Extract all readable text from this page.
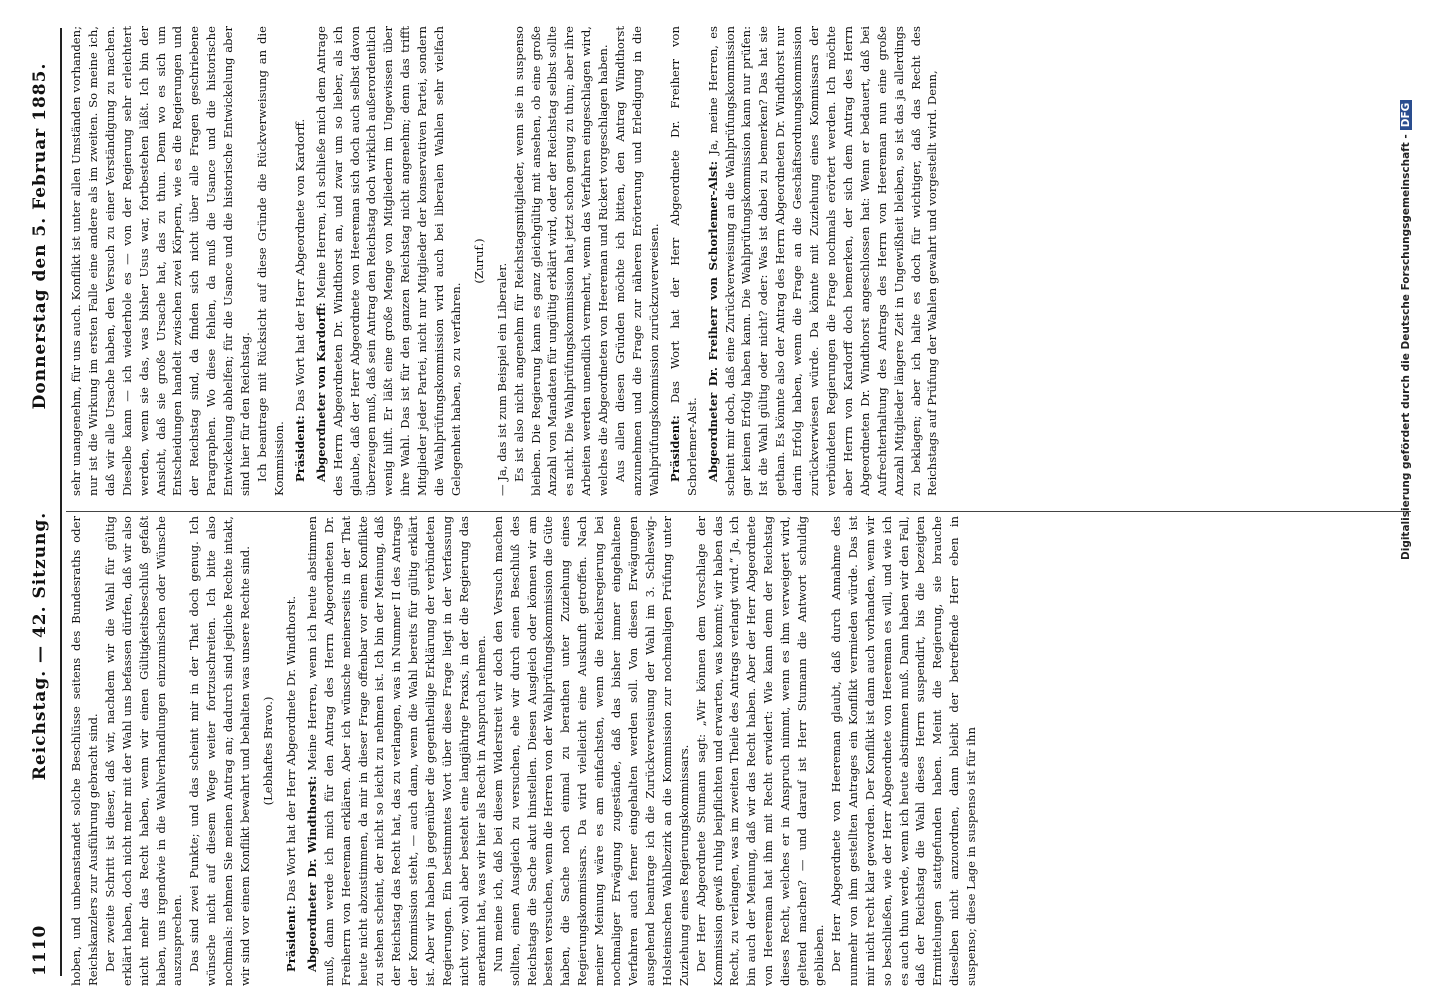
1110
Reichstag. — 42. Sitzung.
Donnerstag den 5. Februar 1885.

hoben, und unbeanstandet solche Beschlüsse seitens des Bundesraths oder Reichskanzlers zur Ausführung gebracht sind. Der zweite Schritt ist dieser, daß wir, nachdem wir die Wahl für gültig erklärt haben, doch nicht mehr mit der Wahl uns befassen dürfen, daß wir also nicht mehr das Recht haben, wenn wir einen Gültigkeitsbeschluß gefaßt haben, uns irgendwie in die Wahlverhandlungen einzumischen oder Wünsche auszusprechen. Das sind zwei Punkte; und das scheint mir in der That doch genug. Ich wünsche nicht auf diesem Wege weiter fortzuschreiten. Ich bitte also nochmals: nehmen Sie meinen Antrag an; dadurch sind jegliche Rechte intakt, wir sind vor einem Konflikt bewahrt und behalten was unsere Rechte sind. (Lebhaftes Bravo.)

Präsident: Das Wort hat der Herr Abgeordnete Dr. Windthorst. Abgeordneter Dr. Windthorst: Meine Herren, wenn ich heute abstimmen muß, dann werde ich mich für den Antrag des Herrn Abgeordneten Dr. Freiherrn von Heereman erklären. Aber ich wünsche meinerseits in der That heute nicht abzustimmen, da mir in dieser Frage offenbar vor einem Konflikte zu stehen scheint, der nicht so leicht zu nehmen ist. Ich bin der Meinung, daß der Reichstag das Recht hat, das zu verlangen, was in Nummer II des Antrags der Kommission steht, — auch dann, wenn die Wahl bereits für gültig erklärt ist. Aber wir haben ja gegenüber die gegentheilige Erklärung der verbündeten Regierungen. Ein bestimmtes Wort über diese Frage liegt in der Verfassung nicht vor; wohl aber besteht eine langjährige Praxis, in der die Regierung das anerkannt hat, was wir hier als Recht in Anspruch nehmen. Nun meine ich, daß bei diesem Widerstreit wir doch den Versuch machen sollten, einen Ausgleich zu versuchen, ehe wir durch einen Beschluß des Reichstags die Sache akut hinstellen. Diesen Ausgleich oder können wir am besten versuchen, wenn die Herren von der Wahlprüfungskommission die Güte haben, die Sache noch einmal zu berathen unter Zuziehung eines Regierungskommissars. Da wird vielleicht eine Auskunft getroffen. Nach meiner Meinung wäre es am einfachsten, wenn die Reichsregierung bei nochmaliger Erwägung zugestände, daß das bisher immer eingehaltene Verfahren auch ferner eingehalten werden soll. Von diesen Erwägungen ausgehend beantrage ich die Zurückverweisung der Wahl im 3. Schleswig-Holsteinschen Wahlbezirk an die Kommission zur nochmaligen Prüfung unter Zuziehung eines Regierungskommissars. Der Herr Abgeordnete Stumann sagt: „Wir können dem Vorschlage der Kommission gewiß ruhig beipflichten und erwarten, was kommt; wir haben das Recht, zu verlangen, was im zweiten Theile des Antrags verlangt wird.“ Ja, ich bin auch der Meinung, daß wir das Recht haben. Aber der Herr Abgeordnete von Heereman hat ihm mit Recht erwidert: Wie kann denn der Reichstag dieses Recht, welches er in Anspruch nimmt, wenn es ihm verweigert wird, geltend machen? — und darauf ist Herr Stumann die Antwort schuldig geblieben. Der Herr Abgeordnete von Heereman glaubt, daß durch Annahme des nunmehr von ihm gestellten Antrages ein Konflikt vermieden würde. Das ist mir nicht recht klar geworden. Der Konflikt ist dann auch vorhanden, wenn wir so beschließen, wie der Herr Abgeordnete von Heereman es will, und wie ich es auch thun werde, wenn ich heute abstimmen muß. Dann haben wir den Fall, daß der Reichstag die Wahl dieses Herrn suspendirt, bis die bezeigten Ermittelungen stattgefunden haben. Meint die Regierung, sie brauche dieselben nicht anzuordnen, dann bleibt der betreffende Herr eben in suspenso; diese Lage in suspenso ist für ihn

sehr unangenehm, für uns auch. Konflikt ist unter allen Umständen vorhanden; nur ist die Wirkung im ersten Falle eine andere als im zweiten. So meine ich, daß wir alle Ursache haben, den Versuch zu einer Verständigung zu machen. Dieselbe kann — ich wiederhole es — von der Regierung sehr erleichtert werden, wenn sie das, was bisher Usus war, fortbestehen läßt. Ich bin der Ansicht, daß sie große Ursache hat, das zu thun. Denn wo es sich um Entscheidungen handelt zwischen zwei Körpern, wie es die Regierungen und der Reichstag sind, da finden sich nicht über alle Fragen geschriebene Paragraphen. Wo diese fehlen, da muß die Usance und die historische Entwickelung abhelfen; für die Usance und die historische Entwickelung aber sind hier für den Reichstag. Ich beantrage mit Rücksicht auf diese Gründe die Rückverweisung an die Kommission. Präsident: Das Wort hat der Herr Abgeordnete von Kardorff. Abgeordneter von Kardorff: Meine Herren, ich schließe mich dem Antrage des Herrn Abgeordneten Dr. Windthorst an, und zwar um so lieber, als ich glaube, daß der Herr Abgeordnete von Heereman sich doch auch selbst davon überzeugen muß, daß sein Antrag den Reichstag doch wirklich außerordentlich wenig hilft. Er läßt eine große Menge von Mitgliedern im Ungewissen über ihre Wahl. Das ist für den ganzen Reichstag nicht angenehm; denn das trifft Mitglieder jeder Partei, nicht nur Mitglieder der konservativen Partei, sondern die Wahlprüfungskommission wird auch bei liberalen Wahlen sehr vielfach Gelegenheit haben, so zu verfahren.

(Zuruf.)

— Ja, das ist zum Beispiel ein Liberaler. Es ist also nicht angenehm für Reichstagsmitglieder, wenn sie in suspenso bleiben. Die Regierung kann es ganz gleichgültig mit ansehen, ob eine große Anzahl von Mandaten für ungültig erklärt wird, oder der Reichstag selbst sollte es nicht. Die Wahlprüfungskommission hat jetzt schon genug zu thun; aber ihre Arbeiten werden unendlich vermehrt, wenn das Verfahren eingeschlagen wird, welches die Abgeordneten von Heereman und Rickert vorgeschlagen haben. Aus allen diesen Gründen möchte ich bitten, den Antrag Windthorst anzunehmen und die Frage zur näheren Erörterung und Erledigung in die Wahlprüfungskommission zurückzuverweisen. Präsident: Das Wort hat der Herr Abgeordnete Dr. Freiherr von Schorlemer-Alst. Abgeordneter Dr. Freiherr von Schorlemer-Alst: Ja, meine Herren, es scheint mir doch, daß eine Zurückverweisung an die Wahlprüfungskommission gar keinen Erfolg haben kann. Die Wahlprüfungskommission kann nur prüfen: Ist die Wahl gültig oder nicht? oder: Was ist dabei zu bemerken? Das hat sie gethan. Es könnte also der Antrag des Herrn Abgeordneten Dr. Windthorst nur darin Erfolg haben, wenn die Frage an die Geschäftsordnungskommission zurückverwiesen würde. Da könnte mit Zuziehung eines Kommissars der verbündeten Regierungen die Frage nochmals erörtert werden. Ich möchte aber Herrn von Kardorff doch bemerken, der sich dem Antrag des Herrn Abgeordneten Dr. Windthorst angeschlossen hat: Wenn er bedauert, daß bei Aufrechterhaltung des Antrags des Herrn von Heereman nun eine große Anzahl Mitglieder längere Zeit in Ungewißheit bleiben, so ist das ja allerdings zu beklagen; aber ich halte es doch für wichtiger, daß das Recht des Reichstags auf Prüfung der Wahlen gewahrt und vorgestellt wird. Denn,	Digitalisierung gefördert durch die Deutsche Forschungsgemeinschaft -DFG
